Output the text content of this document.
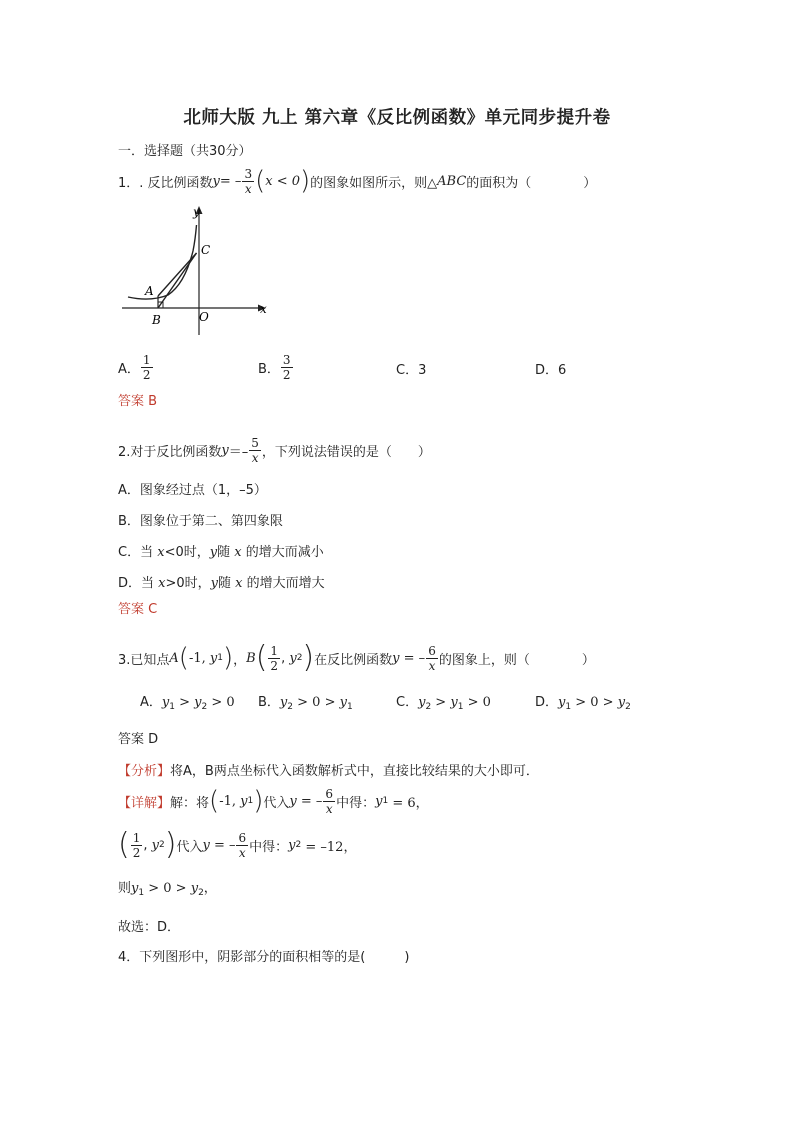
北师大版 九上 第六章《反比例函数》单元同步提升卷
一．选择题（共30分）
1．. 反比例函数 y = – $\frac{3}{x}$ ( x < 0 ) 的图象如图所示，则△ ABC 的面积为（　　　　）
y
x
A
B
C
O
A． $\frac{1}{2}$	B． $\frac{3}{2}$	C．3	D．6
答案 B
2.对于反比例函数 $y =- \frac{5}{x}$ ，下列说法错误的是（　　）
A．图象经过点（1，–5）
B．图象位于第二、第四象限
C．当 x<0时，y随 x 的增大而减小
D．当 x>0时，y随 x 的增大而增大
答案 C
3.已知点 A ( -1, y 1 ) ， B ( $\frac{1}{2}$ , y 2 ) 在反比例函数 y = – $\frac{6}{x}$ 的图象上，则（　　　　）
A．$y_1 > y_2 > 0$ B．$y_2 > 0 > y_1$	C．$y_2 > y_1 > 0$	D．$y_1 > 0 > y_2$
答案 D
【分析】将A，B两点坐标代入函数解析式中，直接比较结果的大小即可．
【详解】 解：将 ( -1, y 1 ) 代入 y = – $\frac{6}{x}$ 中得： y 1
= 6，
( $\frac{1}{2}$ , y 2 ) 代入 y = – $\frac{6}{x}$ 中得： y 2
= –12，
则$y_1 > 0 > y_2$，
故选：D．
4．下列图形中，阴影部分的面积相等的是(　　　)
